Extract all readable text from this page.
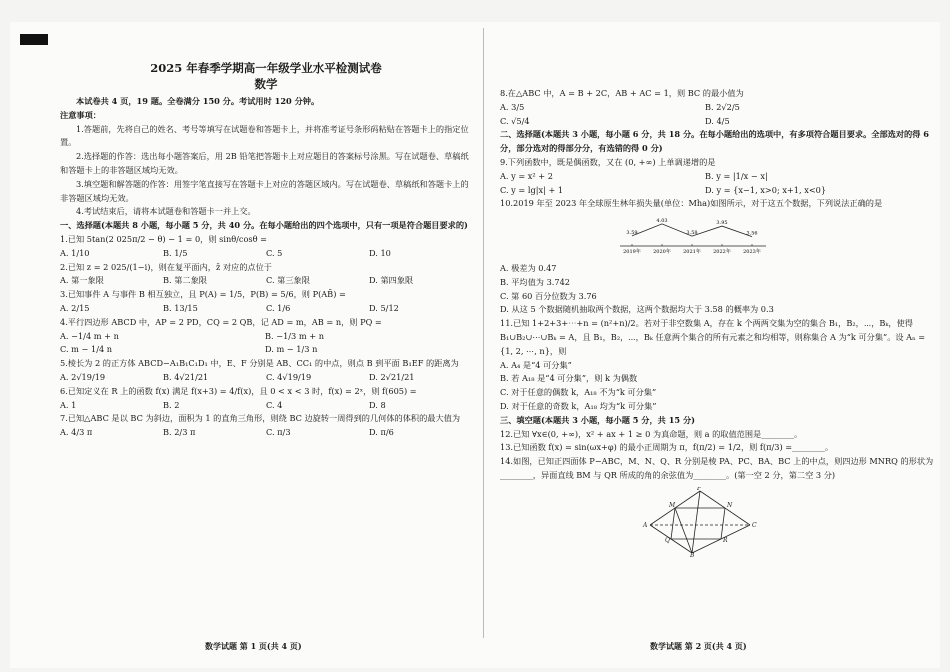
2025 年春季学期高一年级学业水平检测试卷
数学

本试卷共 4 页，19 题。全卷满分 150 分。考试用时 120 分钟。

注意事项：

1.答题前，先将自己的姓名、考号等填写在试题卷和答题卡上，并将准考证号条形码粘贴在答题卡上的指定位置。

2.选择题的作答：选出每小题答案后，用 2B 铅笔把答题卡上对应题目的答案标号涂黑。写在试题卷、草稿纸和答题卡上的非答题区域均无效。

3.填空题和解答题的作答：用签字笔直接写在答题卡上对应的答题区域内。写在试题卷、草稿纸和答题卡上的非答题区域均无效。

4.考试结束后，请将本试题卷和答题卡一并上交。

一、选择题(本题共 8 小题，每小题 5 分，共 40 分。在每小题给出的四个选项中，只有一项是符合题目要求的)

1.已知 5tan(2 025π/2 − θ) − 1 = 0，则 sinθ/cosθ =

A. 1/10	B. 1/5	C. 5	D. 10

2.已知 z = 2 025/(1−i)，则在复平面内，z̄ 对应的点位于

A. 第一象限	B. 第二象限	C. 第三象限	D. 第四象限

3.已知事件 A 与事件 B 相互独立，且 P(A) = 1/5，P(B) = 5/6，则 P(AB̄) =

A. 2/15	B. 13/15	C. 1/6	D. 5/12

4.平行四边形 ABCD 中，AP = 2 PD，CQ = 2 QB，记 AD = m，AB = n，则 PQ =

A. −1/4 m + n	B. −1/3 m + n
C. m − 1/4 n	D. m − 1/3 n

5.棱长为 2 的正方体 ABCD−A₁B₁C₁D₁ 中，E、F 分别是 AB、CC₁ 的中点，则点 B 到平面 B₁EF 的距离为

A. 2√19/19	B. 4√21/21	C. 4√19/19	D. 2√21/21

6.已知定义在 R 上的函数 f(x) 满足 f(x+3) = 4/f(x)，且 0 < x < 3 时，f(x) = 2ˣ，则 f(605) =

A. 1	B. 2	C. 4	D. 8

7.已知△ABC 是以 BC 为斜边，面积为 1 的直角三角形，则绕 BC 边旋转一周得到的几何体的体积的最大值为

A. 4/3 π	B. 2/3 π	C. π/3	D. π/6

8.在△ABC 中，A = B + 2C，AB + AC = 1，则 BC 的最小值为

A. 3/5	B. 2√2/5
C. √5/4	D. 4/5

二、选择题(本题共 3 小题，每小题 6 分，共 18 分。在每小题给出的选项中，有多项符合题目要求。全部选对的得 6 分，部分选对的得部分分，有选错的得 0 分)

9.下列函数中，既是偶函数，又在 (0, +∞) 上单调递增的是

A. y = x² + 2	B. y = |1/x − x|
C. y = lg|x| + 1	D. y = {x−1, x>0; x+1, x<0}

10.2019 年至 2023 年全球原生林年损失量(单位：Mha)如图所示，对于这五个数据，下列说法正确的是

3.59
2019年
4.03
2020年
3.58
2021年
3.95
2022年
3.56
2023年

A. 极差为 0.47

B. 平均值为 3.742

C. 第 60 百分位数为 3.76

D. 从这 5 个数据随机抽取两个数据，这两个数据均大于 3.58 的概率为 0.3

11.已知 1+2+3+⋯+n = (n²+n)/2。若对于非空数集 A，存在 k 个两两交集为空的集合 B₁，B₂，⋯，Bₖ，使得 B₁∪B₂∪⋯∪Bₖ = A，且 B₁，B₂，⋯，Bₖ 任意两个集合的所有元素之和均相等，则称集合 A 为“k 可分集”。设 Aₙ = {1, 2, ⋯, n}，则

A. A₄ 是“4 可分集”

B. 若 A₁₈ 是“4 可分集”，则 k 为偶数

C. 对于任意的偶数 k，A₁₈ 不为“k 可分集”

D. 对于任意的奇数 k，A₁₈ 均为“k 可分集”

三、填空题(本题共 3 小题，每小题 5 分，共 15 分)

12.已知 ∀x∈(0, +∞)，x² + ax + 1 ≥ 0 为真命题，则 a 的取值范围是________。

13.已知函数 f(x) = sin(ωx+φ) 的最小正周期为 π，f(π/2) = 1/2，则 f(π/3) =________。

14.如图，已知正四面体 P−ABC，M、N、Q、R 分别是棱 PA、PC、BA、BC 上的中点，则四边形 MNRQ 的形状为________，异面直线 BM 与 QR 所成的角的余弦值为________。(第一空 2 分，第二空 3 分)

P
A	C
B
M	N
Q	R
数学试题 第 1 页(共 4 页)	数学试题 第 2 页(共 4 页)
